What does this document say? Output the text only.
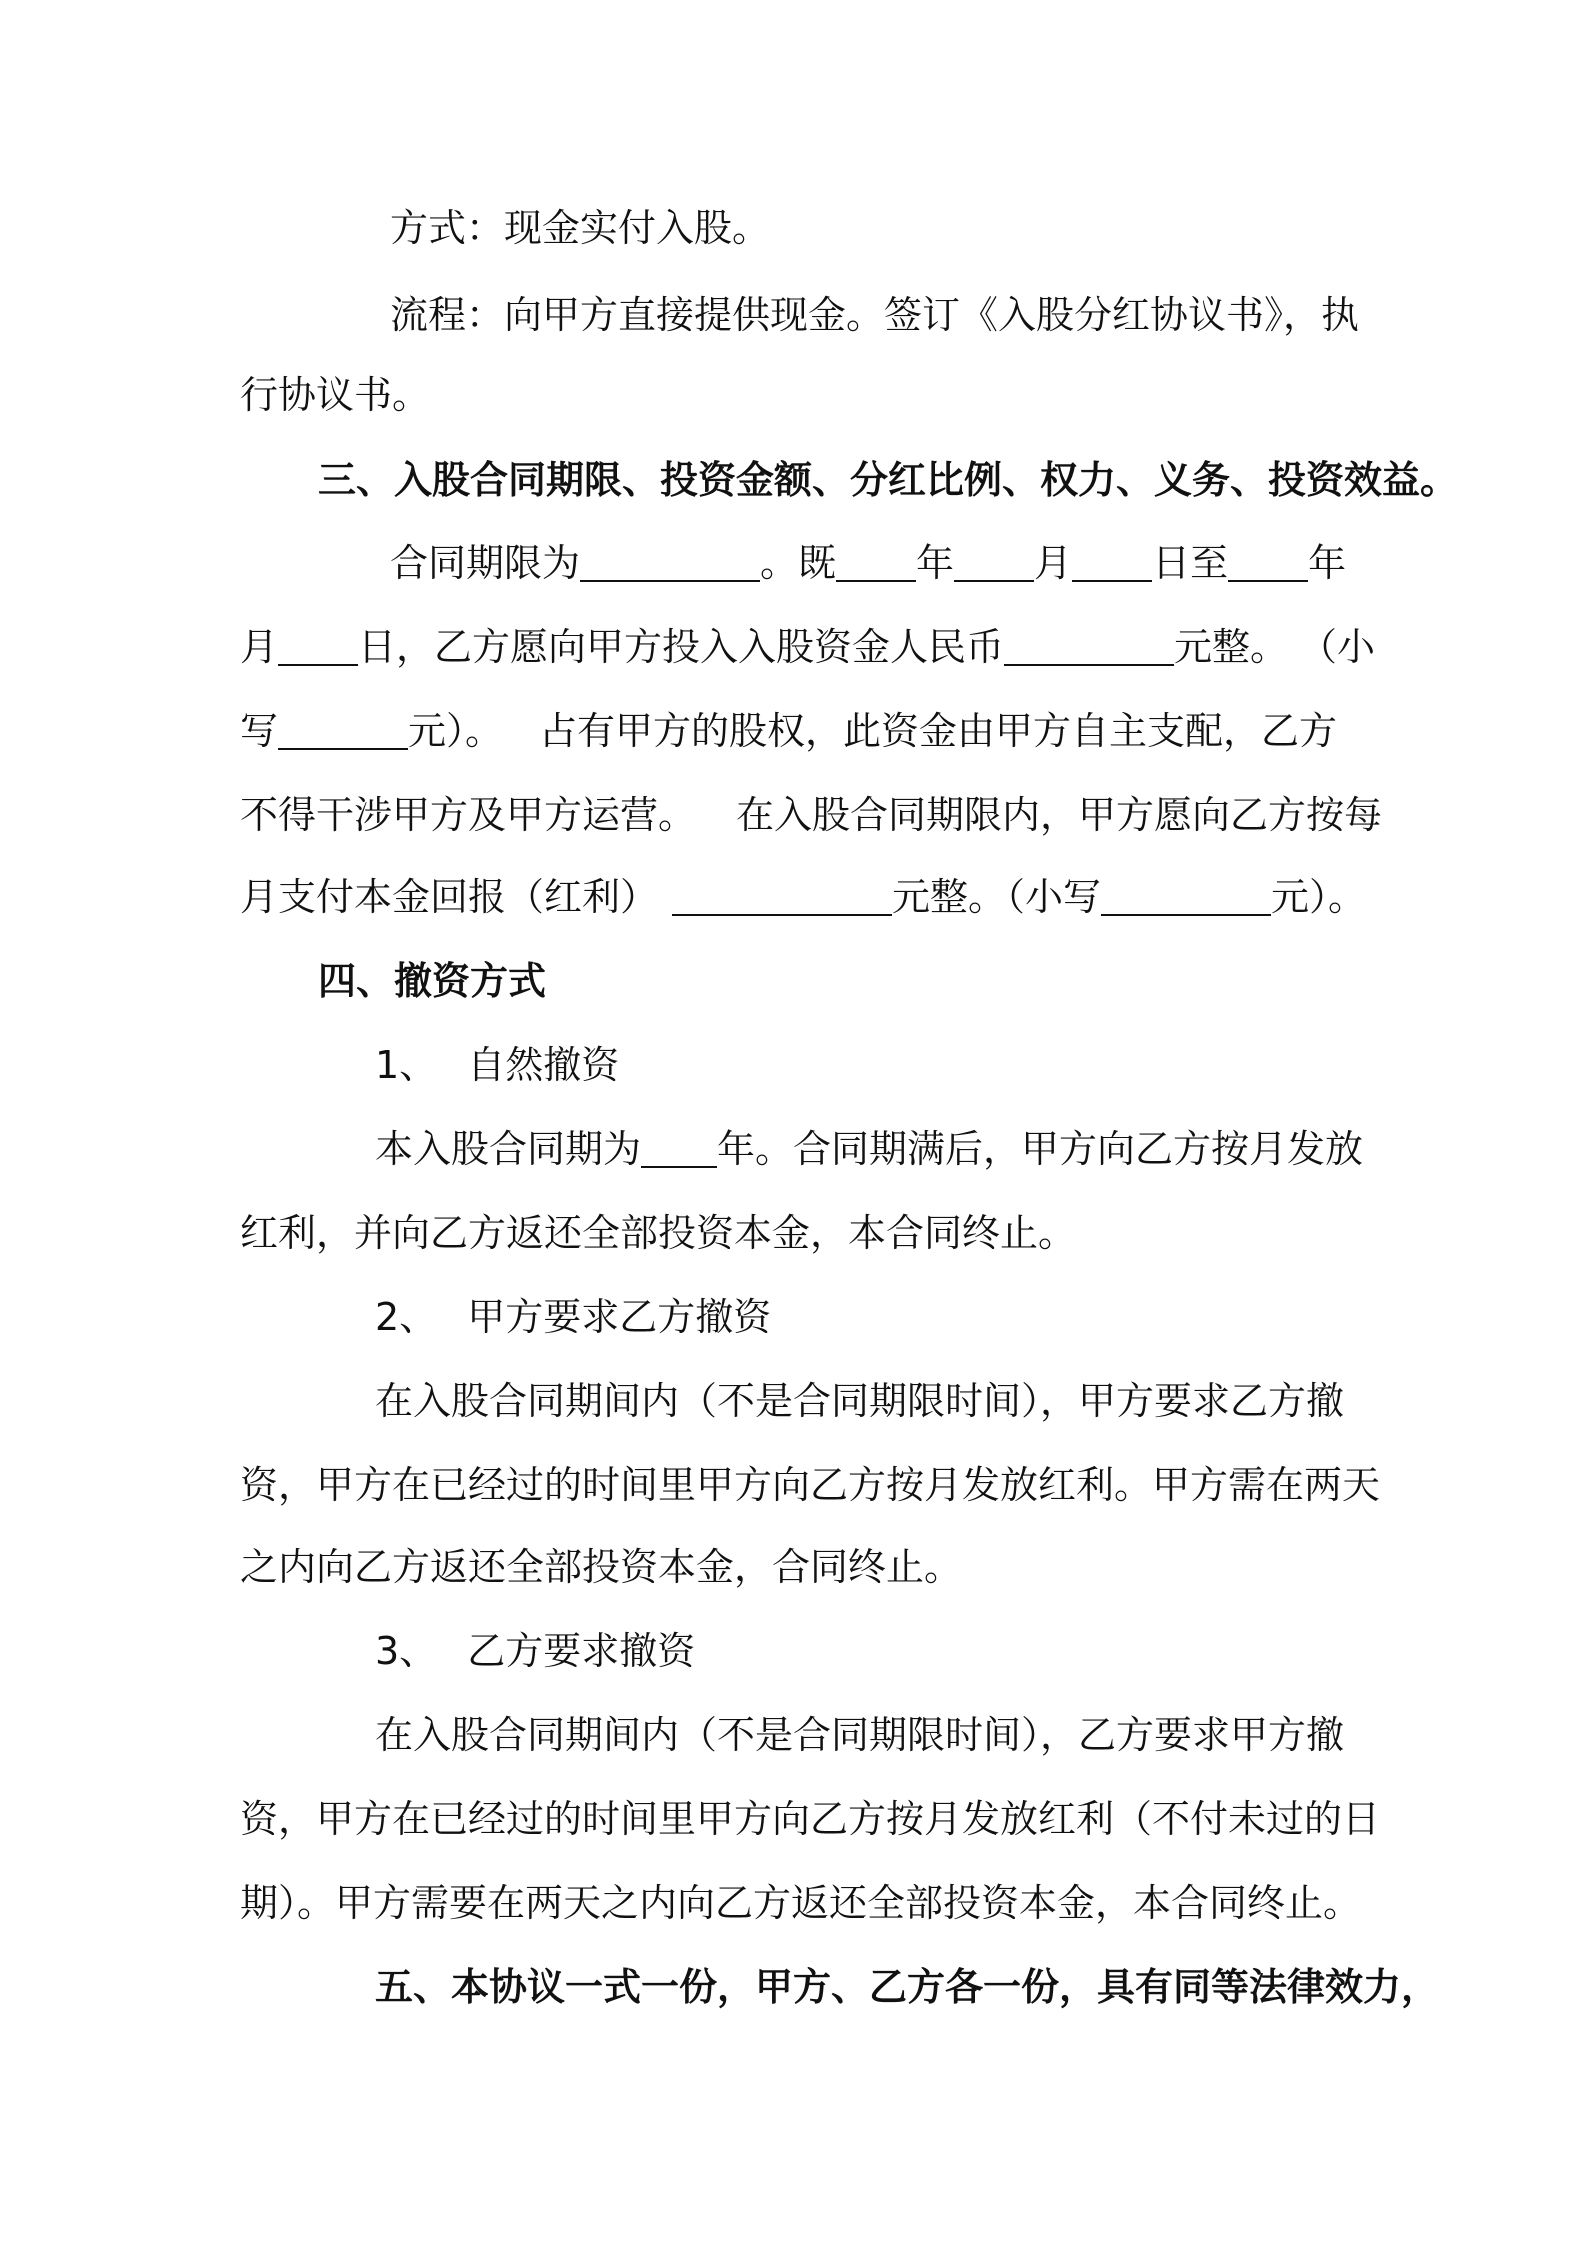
方式：现金实付入股。
流程：向甲方直接提供现金。签订《入股分红协议书》，执
行协议书。
三、入股合同期限、投资金额、分红比例、权力、义务、投资效益。
合同期限为	。既 年 月 日至 年
月 日，乙方愿向甲方投入入股资金人民币	元整。 （小
写	元）。 占有甲方的股权，此资金由甲方自主支配，乙方
不得干涉甲方及甲方运营。 在入股合同期限内，甲方愿向乙方按每
月支付本金回报（红利）	元整。（小写	元）。
四、撤资方式
1、 自然撤资
本入股合同期为 年。合同期满后，甲方向乙方按月发放
红利，并向乙方返还全部投资本金，本合同终止。
2、 甲方要求乙方撤资
在入股合同期间内（不是合同期限时间），甲方要求乙方撤
资，甲方在已经过的时间里甲方向乙方按月发放红利。甲方需在两天
之内向乙方返还全部投资本金，合同终止。
3、 乙方要求撤资
在入股合同期间内（不是合同期限时间），乙方要求甲方撤
资，甲方在已经过的时间里甲方向乙方按月发放红利（不付未过的日
期）。甲方需要在两天之内向乙方返还全部投资本金，本合同终止。
五、本协议一式一份，甲方、乙方各一份，具有同等法律效力，
